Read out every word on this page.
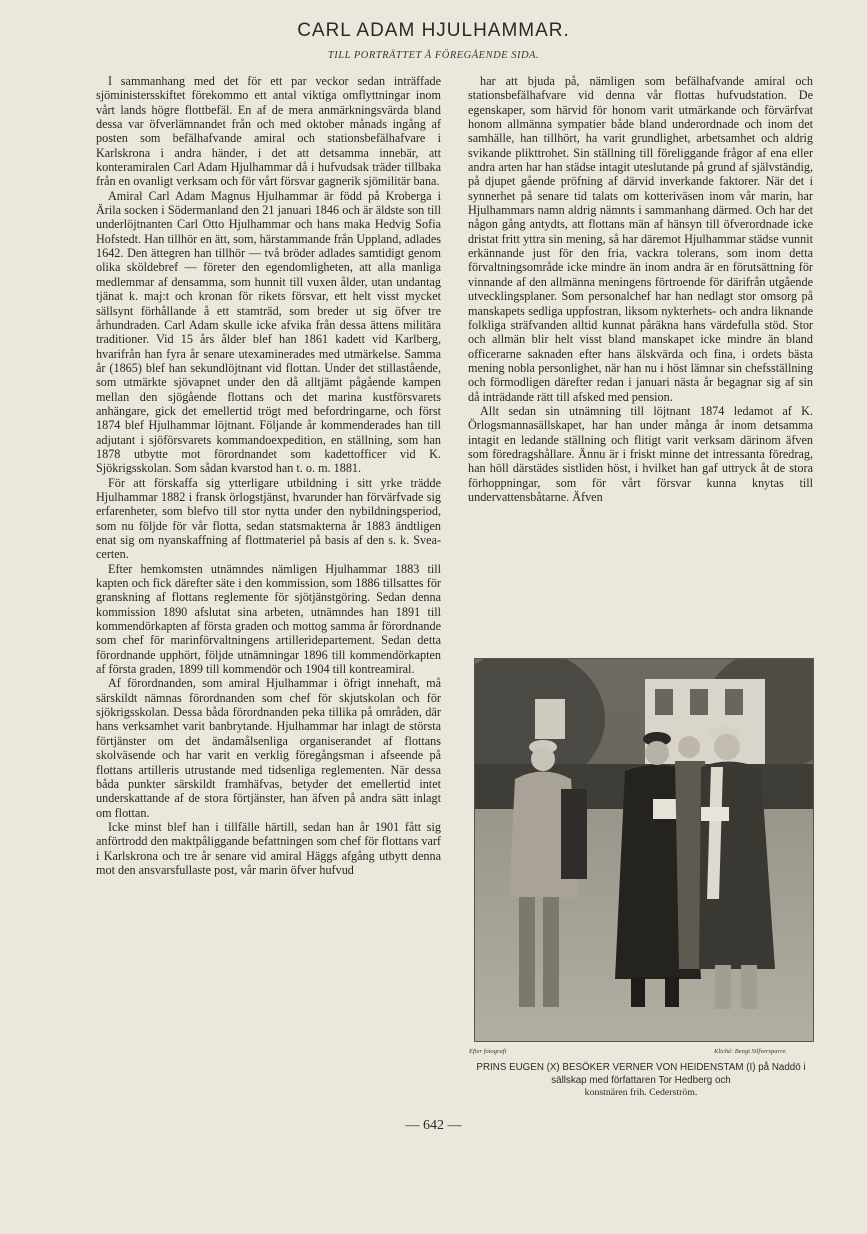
CARL ADAM HJULHAMMAR.
TILL PORTRÄTTET Å FÖREGÅENDE SIDA.

I sammanhang med det för ett par veckor sedan inträffade sjöministersskiftet förekommo ett antal viktiga omflyttningar inom vårt lands högre flottbefäl. En af de mera anmärkningsvärda bland dessa var öfverlämnandet från och med oktober månads ingång af posten som befälhafvande amiral och stationsbefälhafvare i Karlskrona i andra händer, i det att detsamma innebär, att konteramiralen Carl Adam Hjulhammar då i hufvudsak träder tillbaka från en ovanligt verksam och för vårt försvar gagnerik sjömilitär bana.

Amiral Carl Adam Magnus Hjulhammar är född på Kroberga i Ärila socken i Södermanland den 21 januari 1846 och är äldste son till underlöjtnanten Carl Otto Hjulhammar och hans maka Hedvig Sofia Hofstedt. Han tillhör en ätt, som, härstammande från Uppland, adlades 1642. Den ättegren han tillhör — två bröder adlades samtidigt genom olika sköldebref — företer den egendomligheten, att alla manliga medlemmar af densamma, som hunnit till vuxen ålder, utan undantag tjänat k. maj:t och kronan för rikets försvar, ett helt visst mycket sällsynt förhållande å ett stamträd, som breder ut sig öfver tre århundraden. Carl Adam skulle icke afvika från dessa ättens militära traditioner. Vid 15 års ålder blef han 1861 kadett vid Karlberg, hvarifrån han fyra år senare utexaminerades med utmärkelse. Samma år (1865) blef han sekundlöjtnant vid flottan. Under det stillastående, som utmärkte sjövapnet under den då alltjämt pågående kampen mellan den sjögående flottans och det marina kustförsvarets anhängare, gick det emellertid trögt med befordringarne, och först 1874 blef Hjulhammar löjtnant. Följande år kommenderades han till adjutant i sjöförsvarets kommandoexpedition, en ställning, som han 1878 utbytte mot förordnandet som kadettofficer vid K. Sjökrigsskolan. Som sådan kvarstod han t. o. m. 1881.

För att förskaffa sig ytterligare utbildning i sitt yrke trädde Hjulhammar 1882 i fransk örlogstjänst, hvarunder han förvärfvade sig erfarenheter, som blefvo till stor nytta under den nybildningsperiod, som nu följde för vår flotta, sedan statsmakterna år 1883 ändtligen enat sig om nyanskaffning af flottmateriel på basis af den s. k. Svea-certen.

Efter hemkomsten utnämndes nämligen Hjulhammar 1883 till kapten och fick därefter säte i den kommission, som 1886 tillsattes för granskning af flottans reglemente för sjötjänstgöring. Sedan denna kommission 1890 afslutat sina arbeten, utnämndes han 1891 till kommendörkapten af första graden och mottog samma år förordnande som chef för marinförvaltningens artilleridepartement. Sedan detta förordnande upphört, följde utnämningar 1896 till kommendörkapten af första graden, 1899 till kommendör och 1904 till kontreamiral.

Af förordnanden, som amiral Hjulhammar i öfrigt innehaft, må särskildt nämnas förordnanden som chef för skjutskolan och för sjökrigsskolan. Dessa båda förordnanden peka tillika på områden, där hans verksamhet varit banbrytande. Hjulhammar har inlagt de största förtjänster om det ändamålsenliga organiserandet af flottans skolväsende och har varit en verklig föregångsman i afseende på flottans artilleris utrustande med tidsenliga reglementen. När dessa båda punkter särskildt framhäfvas, betyder det emellertid intet underskattande af de stora förtjänster, han äfven på andra sätt inlagt om flottan.

Icke minst blef han i tillfälle härtill, sedan han år 1901 fått sig anförtrodd den maktpåliggande befattningen som chef för flottans varf i Karlskrona och tre år senare vid amiral Häggs afgång utbytt denna mot den ansvarsfullaste post, vår marin öfver hufvud

har att bjuda på, nämligen som befälhafvande amiral och stationsbefälhafvare vid denna vår flottas hufvudstation. De egenskaper, som härvid för honom varit utmärkande och förvärfvat honom allmänna sympatier både bland underordnade och inom det samhälle, han tillhört, ha varit grundlighet, arbetsamhet och aldrig svikande plikttrohet. Sin ställning till föreliggande frågor af ena eller andra arten har han städse intagit uteslutande på grund af självständig, på djupet gående pröfning af därvid inverkande faktorer. När det i synnerhet på senare tid talats om kotteriväsen inom vår marin, har Hjulhammars namn aldrig nämnts i sammanhang därmed. Och har det någon gång antydts, att flottans män af hänsyn till öfverordnade icke dristat fritt yttra sin mening, så har däremot Hjulhammar städse vunnit erkännande just för den fria, vackra tolerans, som inom detta förvaltningsområde icke mindre än inom andra är en förutsättning för vinnande af den allmänna meningens förtroende för därifrån utgående utvecklingsplaner. Som personalchef har han nedlagt stor omsorg på manskapets sedliga uppfostran, liksom nykterhets- och andra liknande folkliga sträfvanden alltid kunnat påräkna hans värdefulla stöd. Stor och allmän blir helt visst bland manskapet icke mindre än bland officerarne saknaden efter hans älskvärda och fina, i ordets bästa mening nobla personlighet, när han nu i höst lämnar sin chefsställning och förmodligen därefter redan i januari nästa år begagnar sig af sin då inträdande rätt till afsked med pension.

Allt sedan sin utnämning till löjtnant 1874 ledamot af K. Örlogsmannasällskapet, har han under många år inom detsamma intagit en ledande ställning och flitigt varit verksam därinom äfven som föredragshållare. Ännu är i friskt minne det intressanta föredrag, han höll därstädes sistliden höst, i hvilket han gaf uttryck åt de stora förhoppningar, som för vårt försvar kunna knytas till undervattensbåtarne. Äfven

Efter fotografi	Kliché: Bengt Silfversparre.
PRINS EUGEN (X) BESÖKER VERNER VON HEIDENSTAM (I) på Naddö i sällskap med författaren Tor Hedberg och
konstnären frih. Cederström.
— 642 —
